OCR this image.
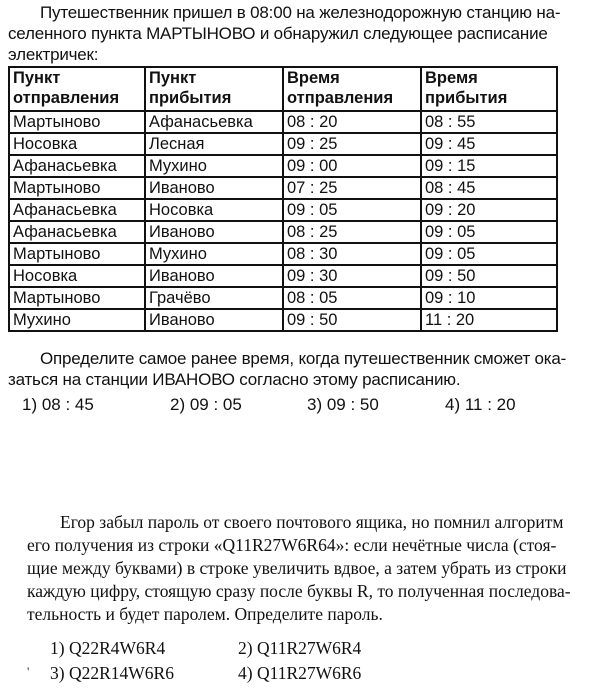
Путешественник пришел в 08:00 на железнодорожную станцию на-

селенного пункта МАРТЫНОВО и обнаружил следующее расписание

электричек:

Пункт отправления	Пункт прибытия	Время отправления	Время прибытия
Мартыново	Афанасьевка	08 : 20	08 : 55
Носовка	Лесная	09 : 25	09 : 45
Афанасьевка	Мухино	09 : 00	09 : 15
Мартыново	Иваново	07 : 25	08 : 45
Афанасьевка	Носовка	09 : 05	09 : 20
Афанасьевка	Иваново	08 : 25	09 : 05
Мартыново	Мухино	08 : 30	09 : 05
Носовка	Иваново	09 : 30	09 : 50
Мартыново	Грачёво	08 : 05	09 : 10
Мухино	Иваново	09 : 50	11 : 20

Определите самое ранее время, когда путешественник сможет ока-

заться на станции ИВАНОВО согласно этому расписанию.

1) 08 : 45	2) 09 : 05	3) 09 : 50	4) 11 : 20

Егор забыл пароль от своего почтового ящика, но помнил алгоритм

его получения из строки «Q11R27W6R64»: если нечётные числа (стоя-

щие между буквами) в строке увеличить вдвое, а затем убрать из строки

каждую цифру, стоящую сразу после буквы R, то полученная последова-

тельность и будет паролем. Определите пароль.

1) Q22R4W6R4	2) Q11R27W6R4
' 3) Q22R14W6R6	4) Q11R27W6R6
